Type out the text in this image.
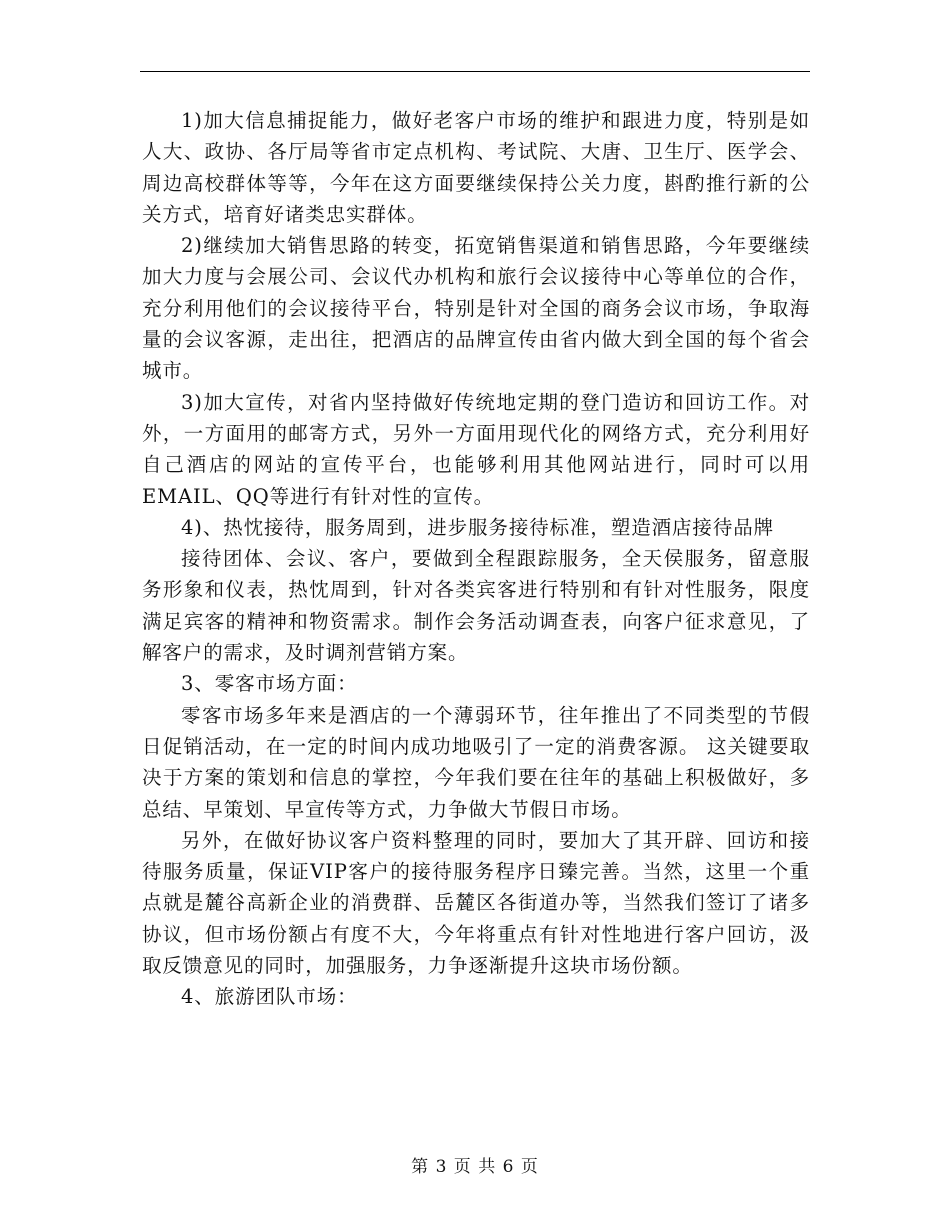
1)加大信息捕捉能力，做好老客户市场的维护和跟进力度，特别是如人大、政协、各厅局等省市定点机构、考试院、大唐、卫生厅、医学会、周边高校群体等等，今年在这方面要继续保持公关力度，斟酌推行新的公关方式，培育好诸类忠实群体。

2)继续加大销售思路的转变，拓宽销售渠道和销售思路，今年要继续加大力度与会展公司、会议代办机构和旅行会议接待中心等单位的合作，充分利用他们的会议接待平台，特别是针对全国的商务会议市场，争取海量的会议客源，走出往，把酒店的品牌宣传由省内做大到全国的每个省会城市。

3)加大宣传，对省内坚持做好传统地定期的登门造访和回访工作。对外，一方面用的邮寄方式，另外一方面用现代化的网络方式，充分利用好自己酒店的网站的宣传平台，也能够利用其他网站进行，同时可以用EMAIL、QQ等进行有针对性的宣传。

4)、热忱接待，服务周到，进步服务接待标准，塑造酒店接待品牌

接待团体、会议、客户，要做到全程跟踪服务，全天侯服务，留意服务形象和仪表，热忱周到，针对各类宾客进行特别和有针对性服务，限度满足宾客的精神和物资需求。制作会务活动调查表，向客户征求意见，了解客户的需求，及时调剂营销方案。

3、零客市场方面：

零客市场多年来是酒店的一个薄弱环节，往年推出了不同类型的节假日促销活动，在一定的时间内成功地吸引了一定的消费客源。 这关键要取决于方案的策划和信息的掌控，今年我们要在往年的基础上积极做好，多总结、早策划、早宣传等方式，力争做大节假日市场。

另外，在做好协议客户资料整理的同时，要加大了其开辟、回访和接待服务质量，保证VIP客户的接待服务程序日臻完善。当然，这里一个重点就是麓谷高新企业的消费群、岳麓区各街道办等，当然我们签订了诸多协议，但市场份额占有度不大，今年将重点有针对性地进行客户回访，汲取反馈意见的同时，加强服务，力争逐渐提升这块市场份额。

4、旅游团队市场：

第 3 页 共 6 页
